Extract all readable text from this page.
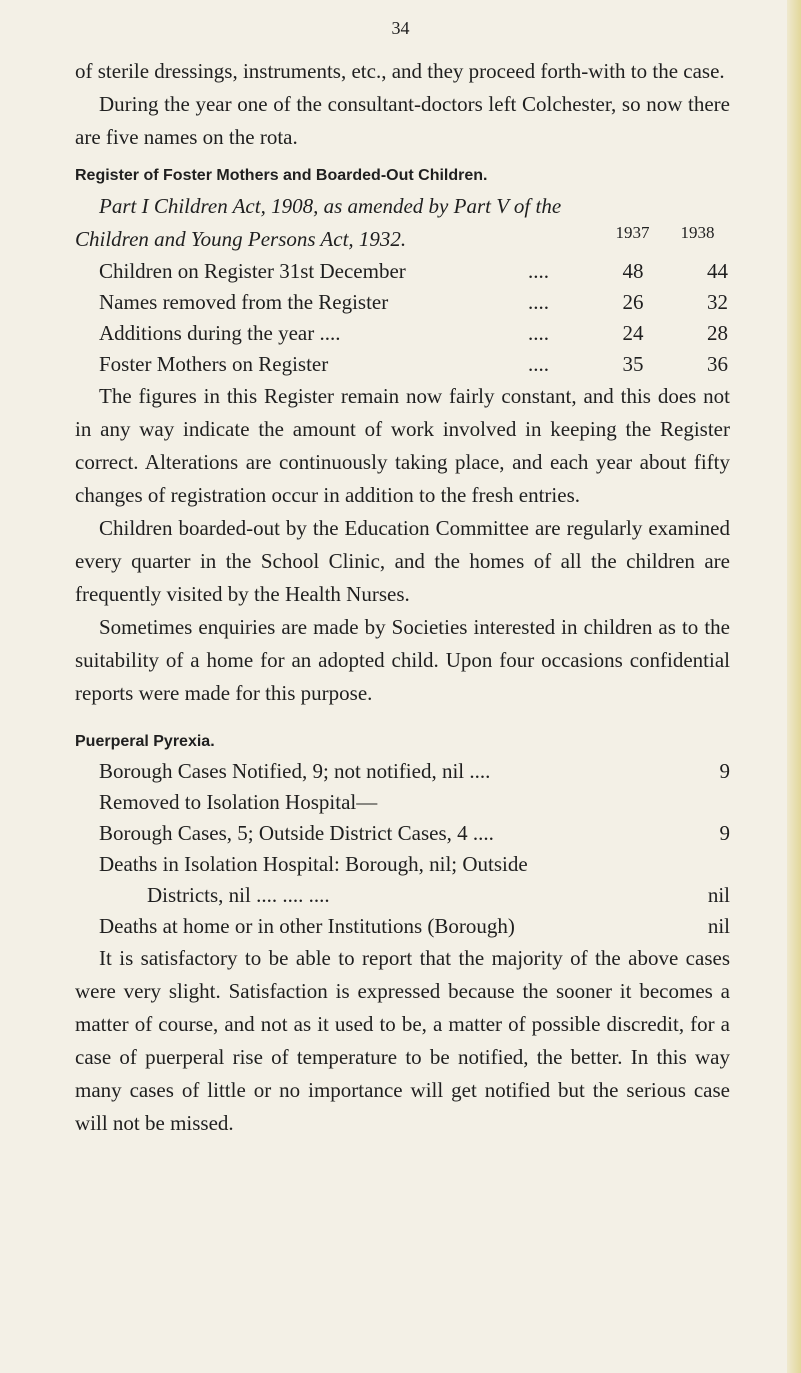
34

of sterile dressings, instruments, etc., and they proceed forth-with to the case.

During the year one of the consultant-doctors left Colchester, so now there are five names on the rota.

Register of Foster Mothers and Boarded-Out Children.

Part I Children Act, 1908, as amended by Part V of the

Children and Young Persons Act, 1932.	1937	1938
Children on Register 31st December	....	48	44
Names removed from the Register	....	26	32
Additions during the year ....	....	24	28
Foster Mothers on Register	....	35	36

The figures in this Register remain now fairly constant, and this does not in any way indicate the amount of work involved in keeping the Register correct. Alterations are continuously taking place, and each year about fifty changes of registration occur in addition to the fresh entries.

Children boarded-out by the Education Committee are regularly examined every quarter in the School Clinic, and the homes of all the children are frequently visited by the Health Nurses.

Sometimes enquiries are made by Societies interested in children as to the suitability of a home for an adopted child. Upon four occasions confidential reports were made for this purpose.

Puerperal Pyrexia.
Borough Cases Notified, 9; not notified, nil ....	9
Removed to Isolation Hospital—
Borough Cases, 5; Outside District Cases, 4 ....	9
Deaths in Isolation Hospital: Borough, nil; Outside
Districts, nil .... .... ....	nil
Deaths at home or in other Institutions (Borough)	nil

It is satisfactory to be able to report that the majority of the above cases were very slight. Satisfaction is expressed because the sooner it becomes a matter of course, and not as it used to be, a matter of possible discredit, for a case of puerperal rise of temperature to be notified, the better. In this way many cases of little or no importance will get notified but the serious case will not be missed.
